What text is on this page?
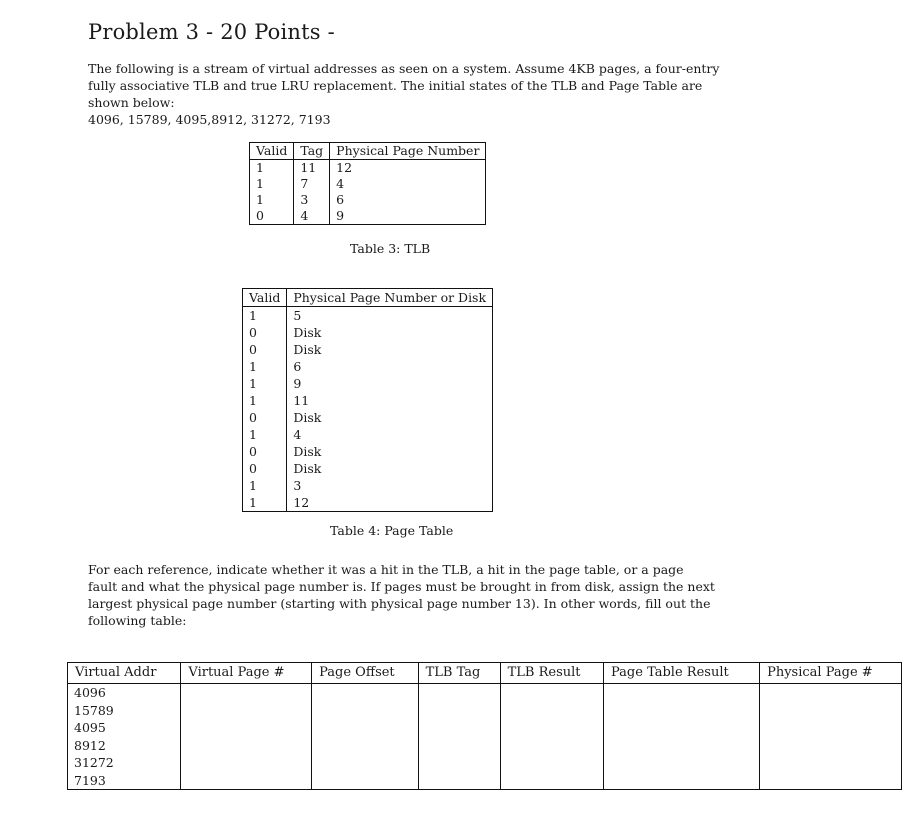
Problem 3 - 20 Points -
The following is a stream of virtual addresses as seen on a system. Assume 4KB pages, a four-entry
fully associative TLB and true LRU replacement. The initial states of the TLB and Page Table are
shown below:
4096, 15789, 4095,8912, 31272, 7193
Valid	Tag	Physical Page Number
1	11	12
1	7	4
1	3	6
0	4	9
Table 3: TLB
Valid	Physical Page Number or Disk
1	5
0	Disk
0	Disk
1	6
1	9
1	11
0	Disk
1	4
0	Disk
0	Disk
1	3
1	12
Table 4: Page Table
For each reference, indicate whether it was a hit in the TLB, a hit in the page table, or a page
fault and what the physical page number is. If pages must be brought in from disk, assign the next
largest physical page number (starting with physical page number 13). In other words, fill out the
following table:
Virtual Addr	Virtual Page #	Page Offset	TLB Tag	TLB Result	Page Table Result	Physical Page #
4096						
15789						
4095						
8912						
31272						
7193						
